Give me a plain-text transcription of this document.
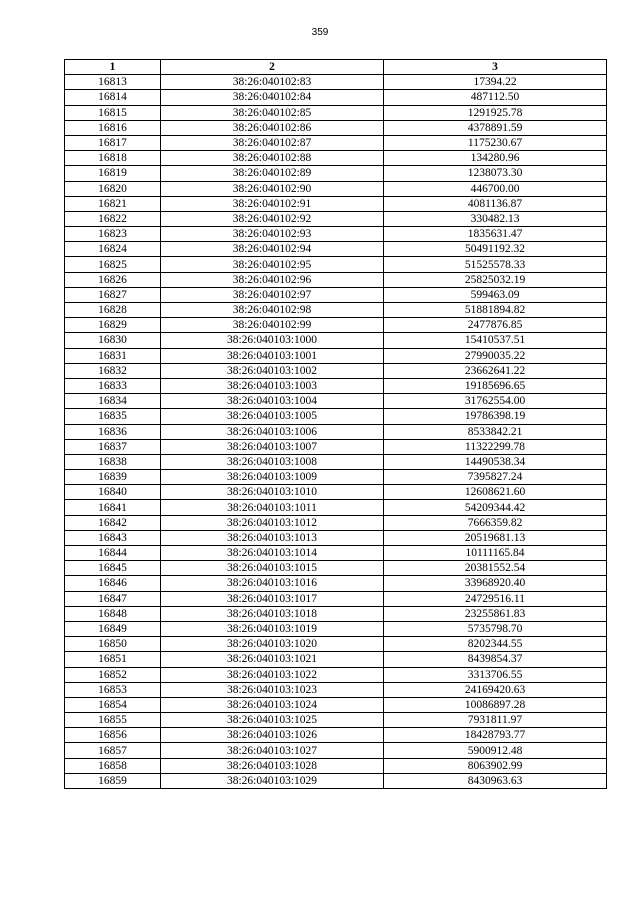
359
1	2	3
16813	38:26:040102:83	17394.22
16814	38:26:040102:84	487112.50
16815	38:26:040102:85	1291925.78
16816	38:26:040102:86	4378891.59
16817	38:26:040102:87	1175230.67
16818	38:26:040102:88	134280.96
16819	38:26:040102:89	1238073.30
16820	38:26:040102:90	446700.00
16821	38:26:040102:91	4081136.87
16822	38:26:040102:92	330482.13
16823	38:26:040102:93	1835631.47
16824	38:26:040102:94	50491192.32
16825	38:26:040102:95	51525578.33
16826	38:26:040102:96	25825032.19
16827	38:26:040102:97	599463.09
16828	38:26:040102:98	51881894.82
16829	38:26:040102:99	2477876.85
16830	38:26:040103:1000	15410537.51
16831	38:26:040103:1001	27990035.22
16832	38:26:040103:1002	23662641.22
16833	38:26:040103:1003	19185696.65
16834	38:26:040103:1004	31762554.00
16835	38:26:040103:1005	19786398.19
16836	38:26:040103:1006	8533842.21
16837	38:26:040103:1007	11322299.78
16838	38:26:040103:1008	14490538.34
16839	38:26:040103:1009	7395827.24
16840	38:26:040103:1010	12608621.60
16841	38:26:040103:1011	54209344.42
16842	38:26:040103:1012	7666359.82
16843	38:26:040103:1013	20519681.13
16844	38:26:040103:1014	10111165.84
16845	38:26:040103:1015	20381552.54
16846	38:26:040103:1016	33968920.40
16847	38:26:040103:1017	24729516.11
16848	38:26:040103:1018	23255861.83
16849	38:26:040103:1019	5735798.70
16850	38:26:040103:1020	8202344.55
16851	38:26:040103:1021	8439854.37
16852	38:26:040103:1022	3313706.55
16853	38:26:040103:1023	24169420.63
16854	38:26:040103:1024	10086897.28
16855	38:26:040103:1025	7931811.97
16856	38:26:040103:1026	18428793.77
16857	38:26:040103:1027	5900912.48
16858	38:26:040103:1028	8063902.99
16859	38:26:040103:1029	8430963.63
